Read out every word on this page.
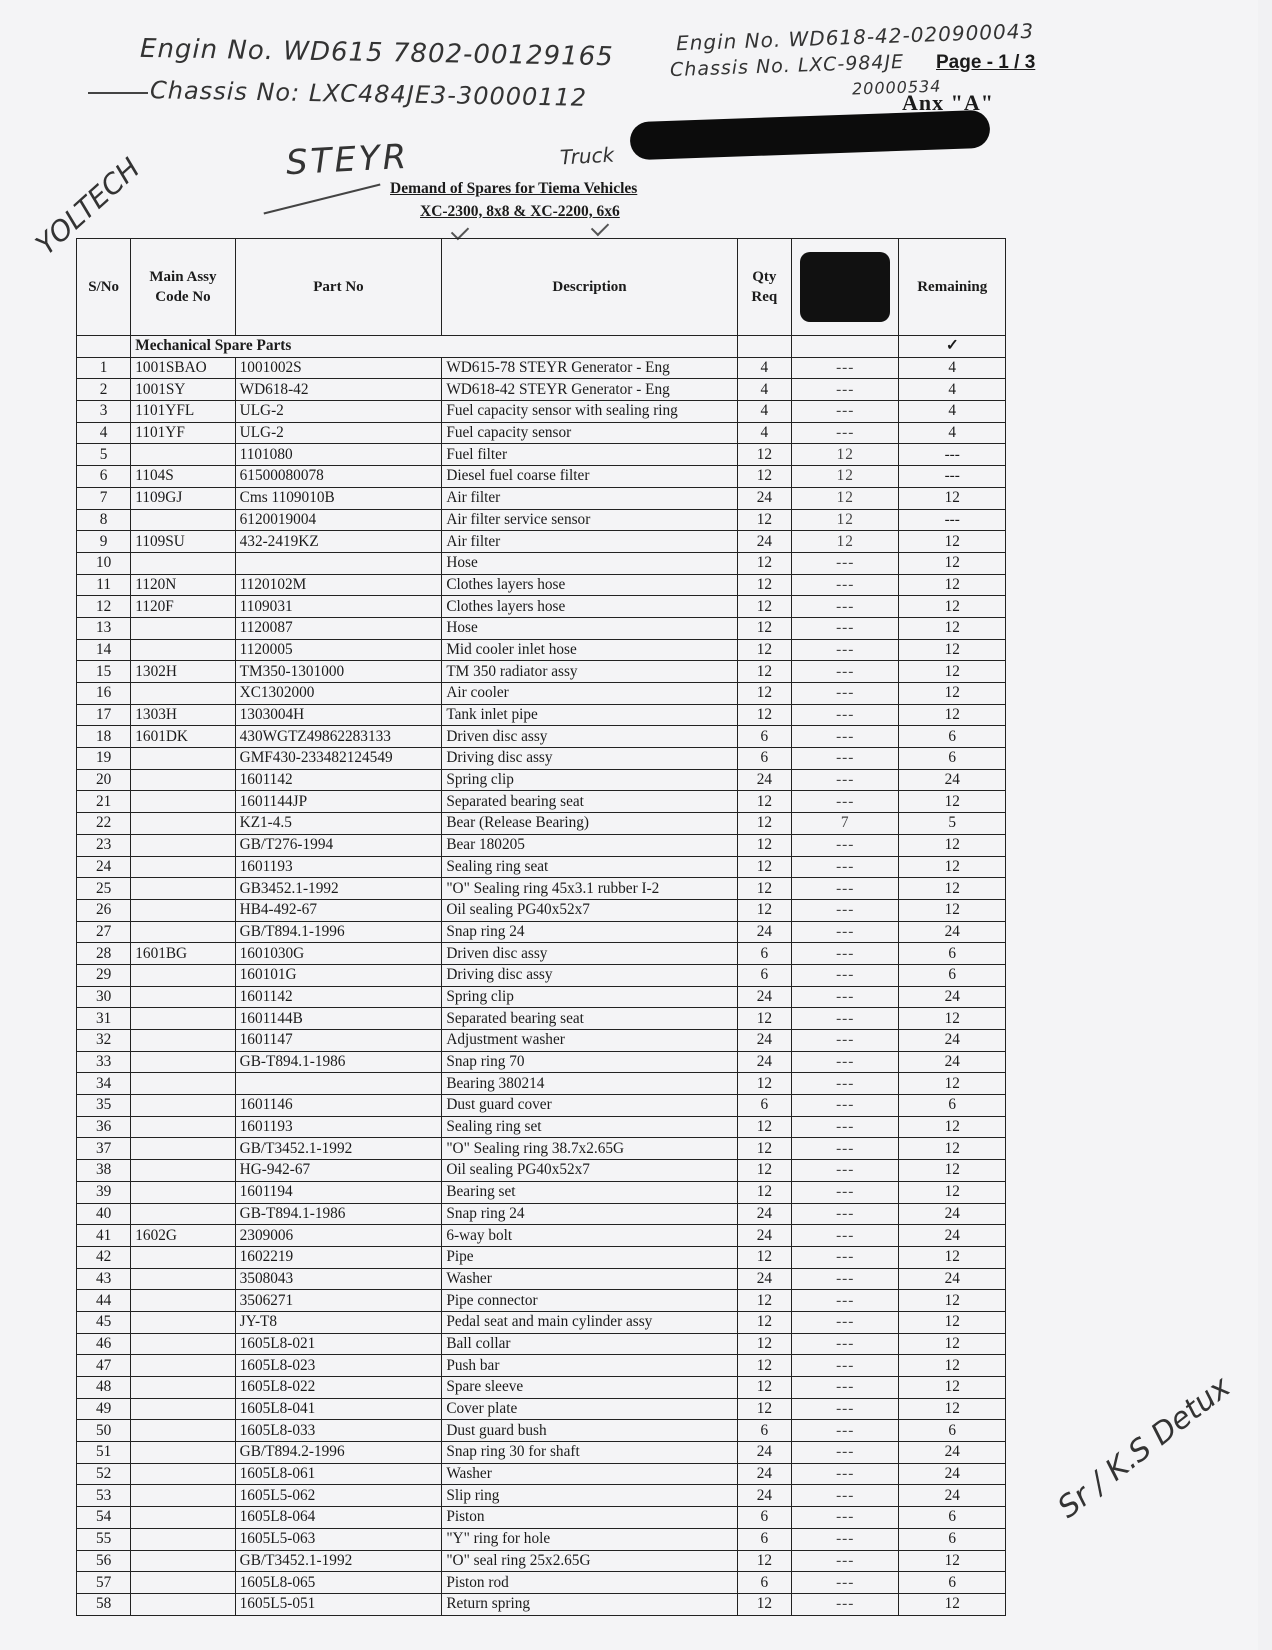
Engin No. WD615 7802-00129165
Chassis No: LXC484JE3-30000112
Engin No. WD618-42-020900043
Chassis No. LXC-984JE
20000534
STEYR	Truck
YOLTECH
Sr / K.S Detux
Page - 1 / 3
Anx "A"
Demand of Spares for Tiema Vehicles
XC-2300, 8x8 & XC-2200, 6x6
S/No	Main Assy Code No	Part No	Description	Qty Req		Remaining
	Mechanical Spare Parts					✓
1	1001SBAO	1001002S	WD615-78 STEYR Generator - Eng	4	---	4
2	1001SY	WD618-42	WD618-42 STEYR Generator - Eng	4	---	4
3	1101YFL	ULG-2	Fuel capacity sensor with sealing ring	4	---	4
4	1101YF	ULG-2	Fuel capacity sensor	4	---	4
5		1101080	Fuel filter	12	12	---
6	1104S	61500080078	Diesel fuel coarse filter	12	12	---
7	1109GJ	Cms 1109010B	Air filter	24	12	12
8		6120019004	Air filter service sensor	12	12	---
9	1109SU	432-2419KZ	Air filter	24	12	12
10			Hose	12	---	12
11	1120N	1120102M	Clothes layers hose	12	---	12
12	1120F	1109031	Clothes layers hose	12	---	12
13		1120087	Hose	12	---	12
14		1120005	Mid cooler inlet hose	12	---	12
15	1302H	TM350-1301000	TM 350 radiator assy	12	---	12
16		XC1302000	Air cooler	12	---	12
17	1303H	1303004H	Tank inlet pipe	12	---	12
18	1601DK	430WGTZ49862283133	Driven disc assy	6	---	6
19		GMF430-233482124549	Driving disc assy	6	---	6
20		1601142	Spring clip	24	---	24
21		1601144JP	Separated bearing seat	12	---	12
22		KZ1-4.5	Bear (Release Bearing)	12	7	5
23		GB/T276-1994	Bear 180205	12	---	12
24		1601193	Sealing ring seat	12	---	12
25		GB3452.1-1992	"O" Sealing ring 45x3.1 rubber I-2	12	---	12
26		HB4-492-67	Oil sealing PG40x52x7	12	---	12
27		GB/T894.1-1996	Snap ring 24	24	---	24
28	1601BG	1601030G	Driven disc assy	6	---	6
29		160101G	Driving disc assy	6	---	6
30		1601142	Spring clip	24	---	24
31		1601144B	Separated bearing seat	12	---	12
32		1601147	Adjustment washer	24	---	24
33		GB-T894.1-1986	Snap ring 70	24	---	24
34			Bearing 380214	12	---	12
35		1601146	Dust guard cover	6	---	6
36		1601193	Sealing ring set	12	---	12
37		GB/T3452.1-1992	"O" Sealing ring 38.7x2.65G	12	---	12
38		HG-942-67	Oil sealing PG40x52x7	12	---	12
39		1601194	Bearing set	12	---	12
40		GB-T894.1-1986	Snap ring 24	24	---	24
41	1602G	2309006	6-way bolt	24	---	24
42		1602219	Pipe	12	---	12
43		3508043	Washer	24	---	24
44		3506271	Pipe connector	12	---	12
45		JY-T8	Pedal seat and main cylinder assy	12	---	12
46		1605L8-021	Ball collar	12	---	12
47		1605L8-023	Push bar	12	---	12
48		1605L8-022	Spare sleeve	12	---	12
49		1605L8-041	Cover plate	12	---	12
50		1605L8-033	Dust guard bush	6	---	6
51		GB/T894.2-1996	Snap ring 30 for shaft	24	---	24
52		1605L8-061	Washer	24	---	24
53		1605L5-062	Slip ring	24	---	24
54		1605L8-064	Piston	6	---	6
55		1605L5-063	"Y" ring for hole	6	---	6
56		GB/T3452.1-1992	"O" seal ring 25x2.65G	12	---	12
57		1605L8-065	Piston rod	6	---	6
58		1605L5-051	Return spring	12	---	12
